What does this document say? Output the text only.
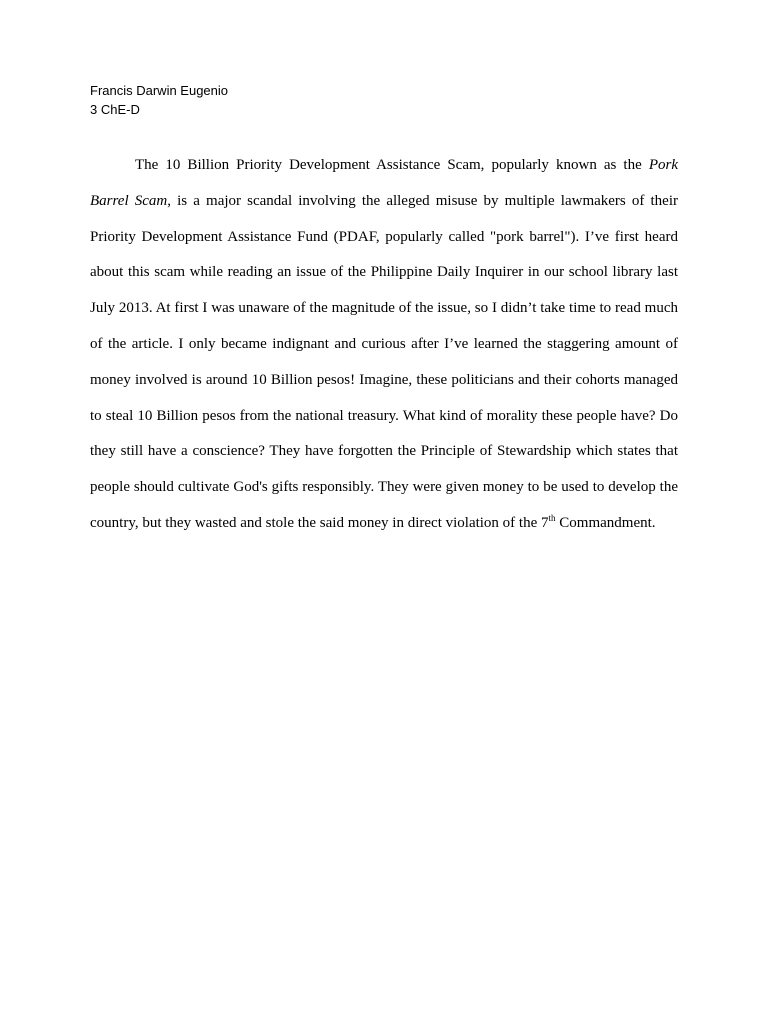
Francis Darwin Eugenio
3 ChE-D

The 10 Billion Priority Development Assistance Scam, popularly known as the Pork Barrel Scam, is a major scandal involving the alleged misuse by multiple lawmakers of their Priority Development Assistance Fund (PDAF, popularly called "pork barrel"). I’ve first heard about this scam while reading an issue of the Philippine Daily Inquirer in our school library last July 2013. At first I was unaware of the magnitude of the issue, so I didn’t take time to read much of the article. I only became indignant and curious after I’ve learned the staggering amount of money involved is around 10 Billion pesos! Imagine, these politicians and their cohorts managed to steal 10 Billion pesos from the national treasury. What kind of morality these people have? Do they still have a conscience? They have forgotten the Principle of Stewardship which states that people should cultivate God's gifts responsibly. They were given money to be used to develop the country, but they wasted and stole the said money in direct violation of the 7th Commandment.
